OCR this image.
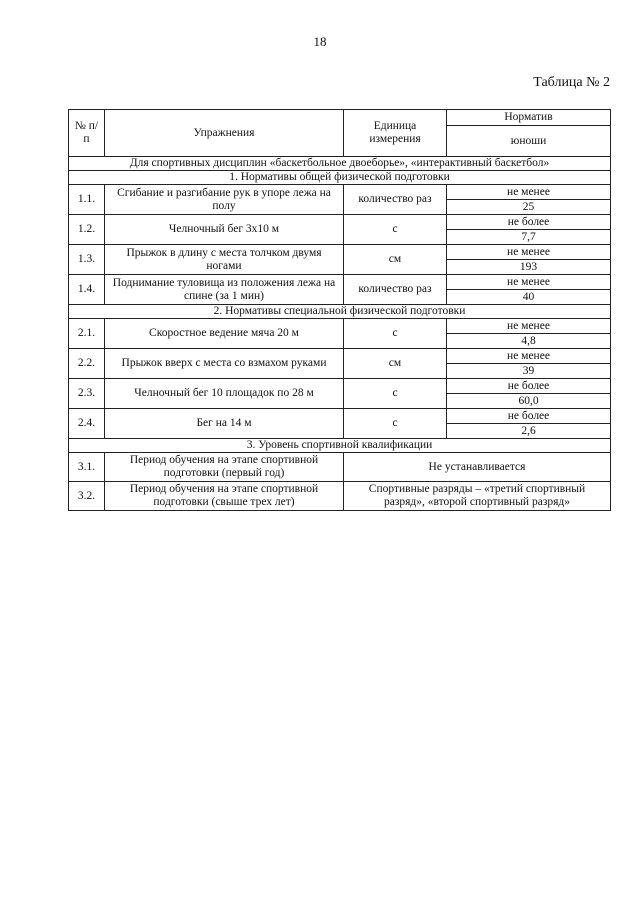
18
Таблица № 2
№ п/п	Упражнения	Единица измерения	Норматив
			юноши
Для спортивных дисциплин «баскетбольное двоеборье», «интерактивный баскетбол»			
1. Нормативы общей физической подготовки			
1.1.	Сгибание и разгибание рук в упоре лежа на полу	количество раз	не менее
			25
1.2.	Челночный бег 3х10 м	с	не более
			7,7
1.3.	Прыжок в длину с места толчком двумя ногами	см	не менее
			193
1.4.	Поднимание туловища из положения лежа на спине (за 1 мин)	количество раз	не менее
			40
2. Нормативы специальной физической подготовки			
2.1.	Скоростное ведение мяча 20 м	с	не менее
			4,8
2.2.	Прыжок вверх с места со взмахом руками	см	не менее
			39
2.3.	Челночный бег 10 площадок по 28 м	с	не более
			60,0
2.4.	Бег на 14 м	с	не более
			2,6
3. Уровень спортивной квалификации			
3.1.	Период обучения на этапе спортивной подготовки (первый год)	Не устанавливается	
3.2.	Период обучения на этапе спортивной подготовки (свыше трех лет)	Спортивные разряды – «третий спортивный разряд», «второй спортивный разряд»	
